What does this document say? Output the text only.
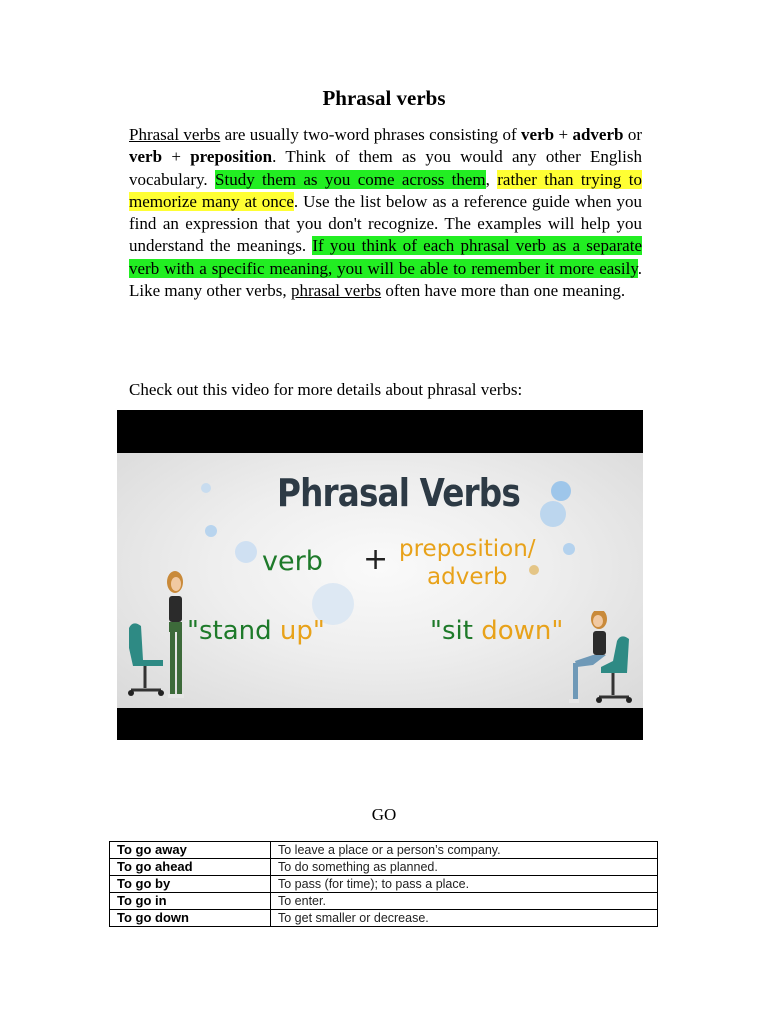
Phrasal verbs

Phrasal verbs are usually two-word phrases consisting of verb + adverb or verb + preposition. Think of them as you would any other English vocabulary. Study them as you come across them, rather than trying to memorize many at once. Use the list below as a reference guide when you find an expression that you don't recognize. The examples will help you understand the meanings. If you think of each phrasal verb as a separate verb with a specific meaning, you will be able to remember it more easily. Like many other verbs, phrasal verbs often have more than one meaning.

Check out this video for more details about phrasal verbs:
Phrasal Verbs
verb + preposition/
adverb
"stand up"	"sit down"
GO
To go away	To leave a place or a person’s company.
To go ahead	To do something as planned.
To go by	To pass (for time); to pass a place.
To go in	To enter.
To go down	To get smaller or decrease.
